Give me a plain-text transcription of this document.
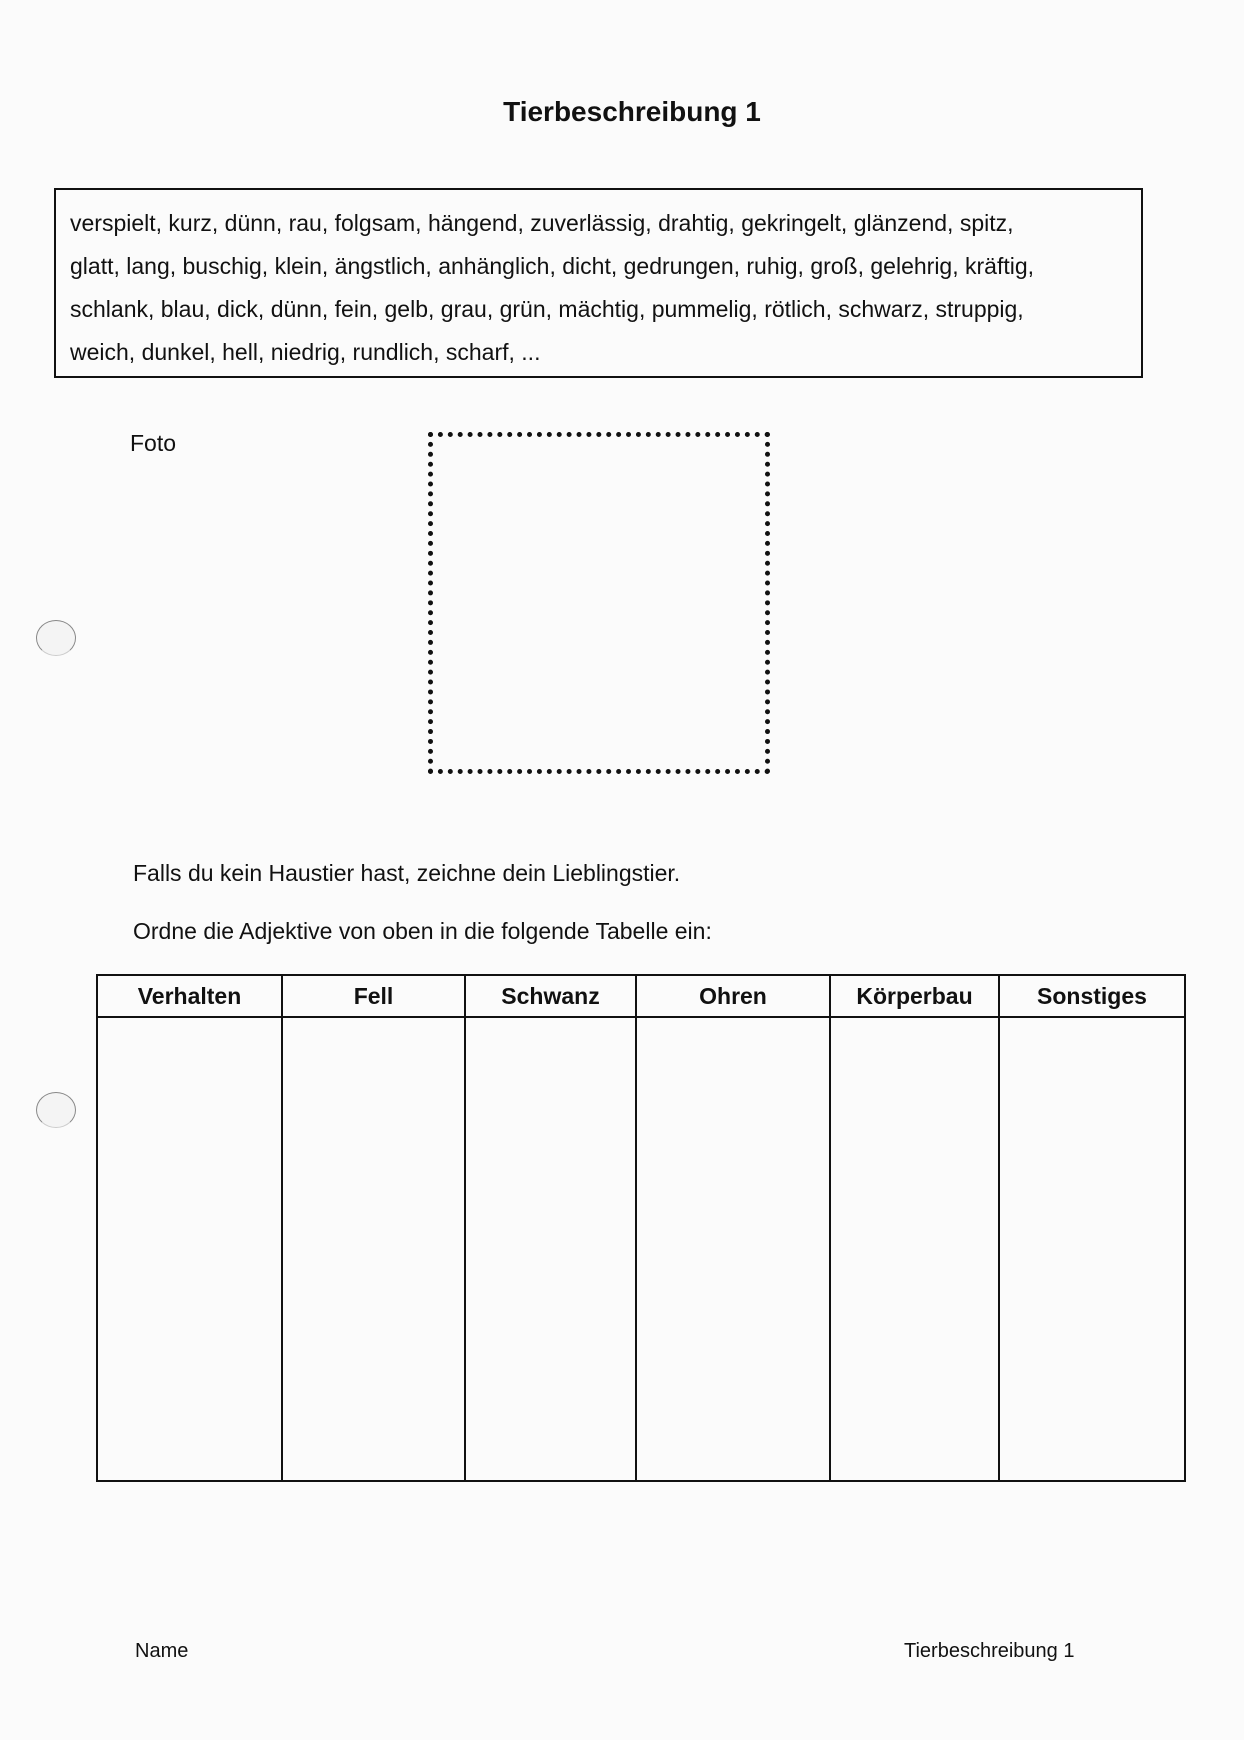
Tierbeschreibung 1
verspielt, kurz, dünn, rau, folgsam, hängend, zuverlässig, drahtig, gekringelt, glänzend, spitz,
glatt, lang, buschig, klein, ängstlich, anhänglich, dicht, gedrungen, ruhig, groß, gelehrig, kräftig,
schlank, blau, dick, dünn, fein, gelb, grau, grün, mächtig, pummelig, rötlich, schwarz, struppig,
weich, dunkel, hell, niedrig, rundlich, scharf, ...
Foto
Falls du kein Haustier hast, zeichne dein Lieblingstier.
Ordne die Adjektive von oben in die folgende Tabelle ein:
Verhalten	Fell	Schwanz	Ohren	Körperbau	Sonstiges

Name	Tierbeschreibung 1
